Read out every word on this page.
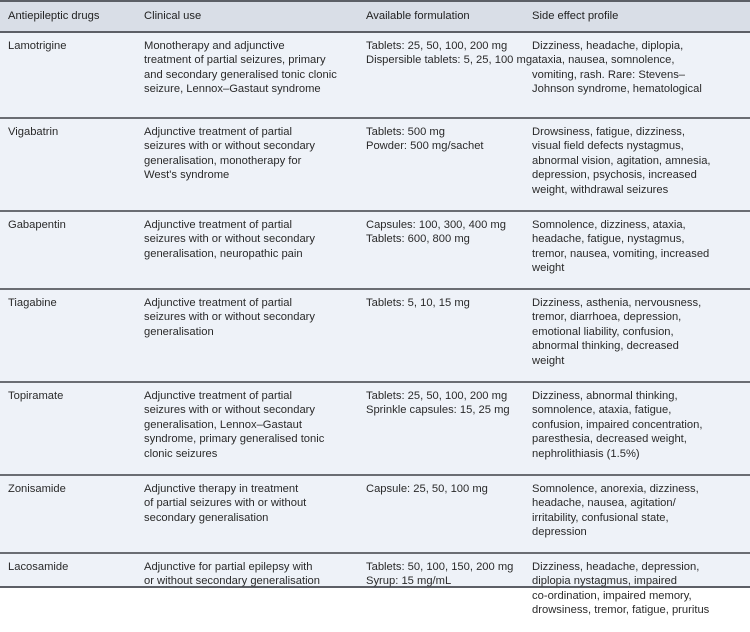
Antiepileptic drugs	Clinical use	Available formulation	Side effect profile

Lamotrigine	Monotherapy and adjunctive
treatment of partial seizures, primary
and secondary generalised tonic clonic
seizure, Lennox–Gastaut syndrome	Tablets: 25, 50, 100, 200 mg
Dispersible tablets: 5, 25, 100 mg	Dizziness, headache, diplopia,
ataxia, nausea, somnolence,
vomiting, rash. Rare: Stevens–
Johnson syndrome, hematological

Vigabatrin	Adjunctive treatment of partial
seizures with or without secondary
generalisation, monotherapy for
West's syndrome	Tablets: 500 mg
Powder: 500 mg/sachet	Drowsiness, fatigue, dizziness,
visual field defects nystagmus,
abnormal vision, agitation, amnesia,
depression, psychosis, increased
weight, withdrawal seizures

Gabapentin	Adjunctive treatment of partial
seizures with or without secondary
generalisation, neuropathic pain	Capsules: 100, 300, 400 mg
Tablets: 600, 800 mg	Somnolence, dizziness, ataxia,
headache, fatigue, nystagmus,
tremor, nausea, vomiting, increased
weight

Tiagabine	Adjunctive treatment of partial
seizures with or without secondary
generalisation	Tablets: 5, 10, 15 mg	Dizziness, asthenia, nervousness,
tremor, diarrhoea, depression,
emotional liability, confusion,
abnormal thinking, decreased
weight

Topiramate	Adjunctive treatment of partial
seizures with or without secondary
generalisation, Lennox–Gastaut
syndrome, primary generalised tonic
clonic seizures	Tablets: 25, 50, 100, 200 mg
Sprinkle capsules: 15, 25 mg	Dizziness, abnormal thinking,
somnolence, ataxia, fatigue,
confusion, impaired concentration,
paresthesia, decreased weight,
nephrolithiasis (1.5%)

Zonisamide	Adjunctive therapy in treatment
of partial seizures with or without
secondary generalisation	Capsule: 25, 50, 100 mg	Somnolence, anorexia, dizziness,
headache, nausea, agitation/
irritability, confusional state,
depression

Lacosamide	Adjunctive for partial epilepsy with
or without secondary generalisation	Tablets: 50, 100, 150, 200 mg
Syrup: 15 mg/mL	Dizziness, headache, depression,
diplopia nystagmus, impaired
co-ordination, impaired memory,
drowsiness, tremor, fatigue, pruritus
